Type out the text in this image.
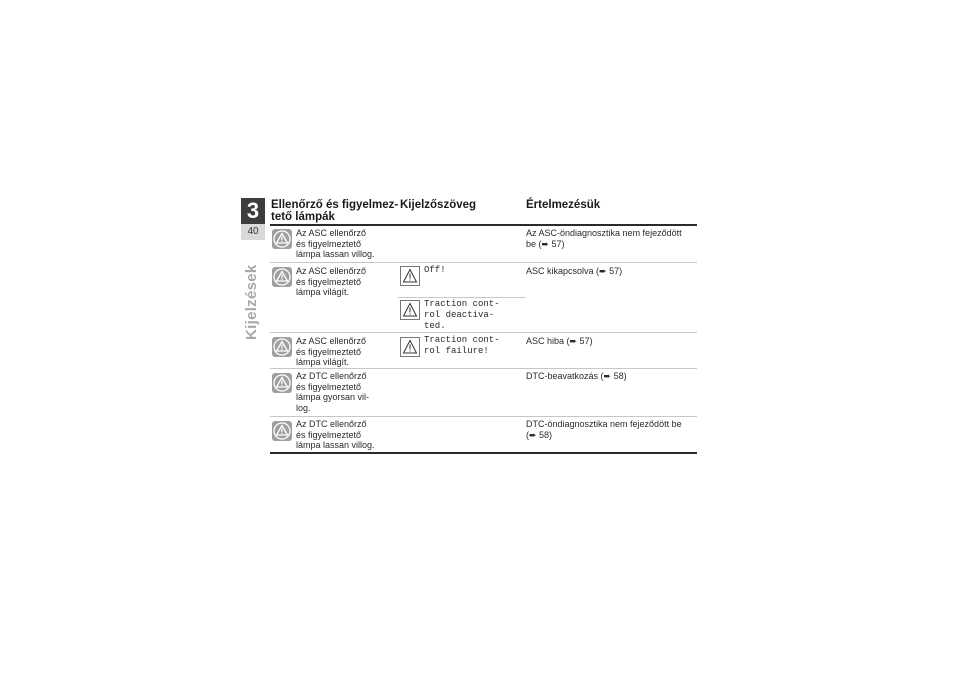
3
40
Kijelzések
Ellenőrző és figyelmez-
tető lámpák
Kijelzőszöveg	Értelmezésük
Az ASC ellenőrző
és figyelmeztető
lámpa lassan villog.
Az ASC-öndiagnosztika nem fejeződött
be (➨ 57)
Az ASC ellenőrző
és figyelmeztető
lámpa világít.
Off!	ASC kikapcsolva (➨ 57)
Traction cont-
rol deactiva-
ted.
Az ASC ellenőrző
és figyelmeztető
lámpa világít.
Traction cont-
rol failure!
ASC hiba (➨ 57)
Az DTC ellenőrző
és figyelmeztető
lámpa gyorsan vil-
log.
DTC-beavatkozás (➨ 58)
Az DTC ellenőrző
és figyelmeztető
lámpa lassan villog.
DTC-öndiagnosztika nem fejeződött be
(➨ 58)
